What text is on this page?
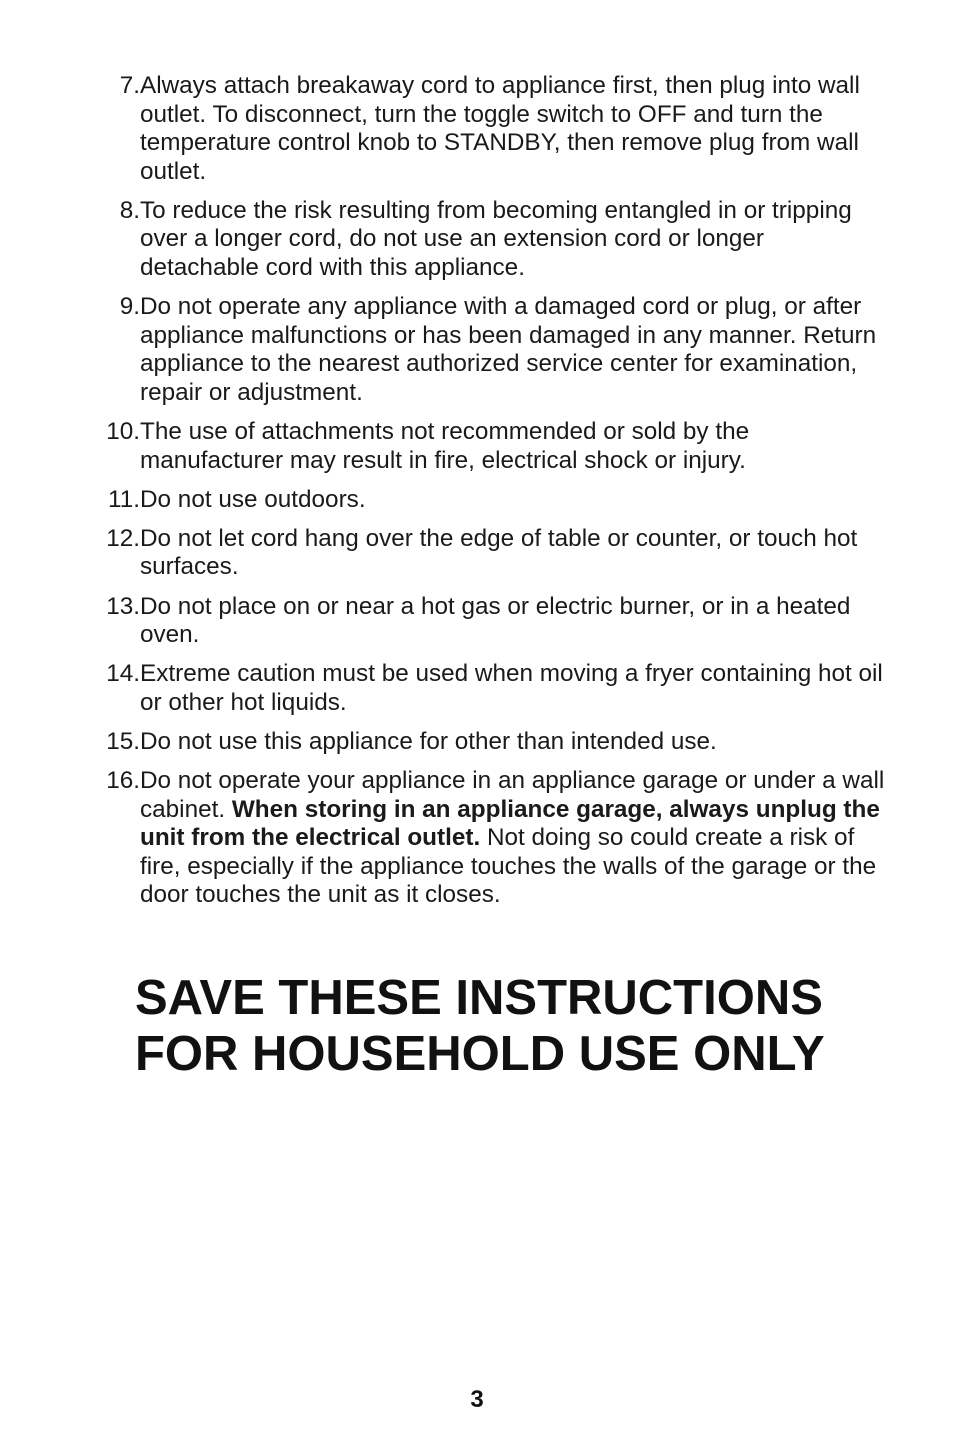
7. Always attach breakaway cord to appliance first, then plug into wall outlet. To disconnect, turn the toggle switch to OFF and turn the temperature control knob to STANDBY, then remove plug from wall outlet.
8. To reduce the risk resulting from becoming entangled in or tripping over a longer cord, do not use an extension cord or longer detachable cord with this appliance.
9. Do not operate any appliance with a damaged cord or plug, or after appliance malfunctions or has been damaged in any manner. Return appliance to the nearest authorized service center for examination, repair or adjustment.
10. The use of attachments not recommended or sold by the manufacturer may result in fire, electrical shock or injury.
11. Do not use outdoors.
12. Do not let cord hang over the edge of table or counter, or touch hot surfaces.
13. Do not place on or near a hot gas or electric burner, or in a heated oven.
14. Extreme caution must be used when moving a fryer containing hot oil or other hot liquids.
15. Do not use this appliance for other than intended use.
16. Do not operate your appliance in an appliance garage or under a wall cabinet. When storing in an appliance garage, always unplug the unit from the electrical outlet. Not doing so could create a risk of fire, especially if the appliance touches the walls of the garage or the door touches the unit as it closes.
SAVE THESE INSTRUCTIONS
FOR HOUSEHOLD USE ONLY
3
